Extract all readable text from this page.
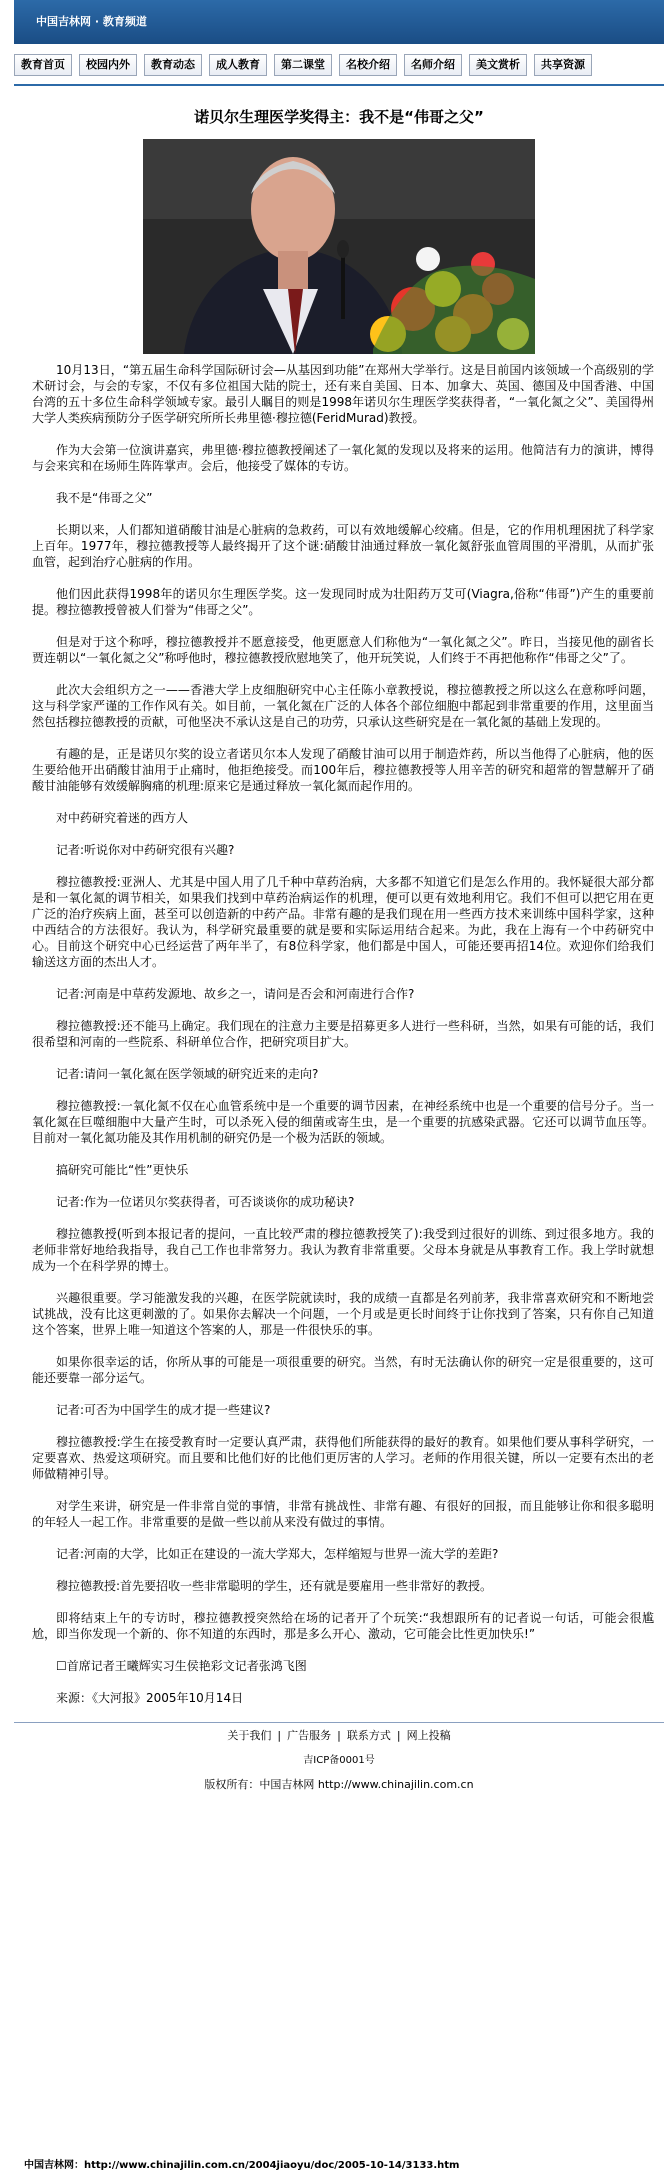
中国吉林网 · 教育频道
教育首页	校园内外	教育动态	成人教育	第二课堂	名校介绍	名师介绍	美文赏析	共享资源
诺贝尔生理医学奖得主：我不是“伟哥之父”

10月13日，“第五届生命科学国际研讨会—从基因到功能”在郑州大学举行。这是目前国内该领域一个高级别的学术研讨会，与会的专家，不仅有多位祖国大陆的院士，还有来自美国、日本、加拿大、英国、德国及中国香港、中国台湾的五十多位生命科学领域专家。最引人瞩目的则是1998年诺贝尔生理医学奖获得者，“一氧化氮之父”、美国得州大学人类疾病预防分子医学研究所所长弗里德·穆拉德(FeridMurad)教授。

作为大会第一位演讲嘉宾，弗里德·穆拉德教授阐述了一氧化氮的发现以及将来的运用。他简洁有力的演讲，博得与会来宾和在场师生阵阵掌声。会后，他接受了媒体的专访。

我不是“伟哥之父”

长期以来，人们都知道硝酸甘油是心脏病的急救药，可以有效地缓解心绞痛。但是，它的作用机理困扰了科学家上百年。1977年，穆拉德教授等人最终揭开了这个谜:硝酸甘油通过释放一氧化氮舒张血管周围的平滑肌，从而扩张血管，起到治疗心脏病的作用。

他们因此获得1998年的诺贝尔生理医学奖。这一发现同时成为壮阳药万艾可(Viagra,俗称“伟哥”)产生的重要前提。穆拉德教授曾被人们誉为“伟哥之父”。

但是对于这个称呼，穆拉德教授并不愿意接受，他更愿意人们称他为“一氧化氮之父”。昨日，当接见他的副省长贾连朝以“一氧化氮之父”称呼他时，穆拉德教授欣慰地笑了，他开玩笑说，人们终于不再把他称作“伟哥之父”了。

此次大会组织方之一——香港大学上皮细胞研究中心主任陈小章教授说，穆拉德教授之所以这么在意称呼问题，这与科学家严谨的工作作风有关。如目前，一氧化氮在广泛的人体各个部位细胞中都起到非常重要的作用，这里面当然包括穆拉德教授的贡献，可他坚决不承认这是自己的功劳，只承认这些研究是在一氧化氮的基础上发现的。

有趣的是，正是诺贝尔奖的设立者诺贝尔本人发现了硝酸甘油可以用于制造炸药，所以当他得了心脏病，他的医生要给他开出硝酸甘油用于止痛时，他拒绝接受。而100年后，穆拉德教授等人用辛苦的研究和超常的智慧解开了硝酸甘油能够有效缓解胸痛的机理:原来它是通过释放一氧化氮而起作用的。

对中药研究着迷的西方人

记者:听说你对中药研究很有兴趣?

穆拉德教授:亚洲人、尤其是中国人用了几千种中草药治病，大多都不知道它们是怎么作用的。我怀疑很大部分都是和一氧化氮的调节相关，如果我们找到中草药治病运作的机理，便可以更有效地利用它。我们不但可以把它用在更广泛的治疗疾病上面，甚至可以创造新的中药产品。非常有趣的是我们现在用一些西方技术来训练中国科学家，这种中西结合的方法很好。我认为，科学研究最重要的就是要和实际运用结合起来。为此，我在上海有一个中药研究中心。目前这个研究中心已经运营了两年半了，有8位科学家，他们都是中国人，可能还要再招14位。欢迎你们给我们输送这方面的杰出人才。

记者:河南是中草药发源地、故乡之一，请问是否会和河南进行合作?

穆拉德教授:还不能马上确定。我们现在的注意力主要是招募更多人进行一些科研，当然，如果有可能的话，我们很希望和河南的一些院系、科研单位合作，把研究项目扩大。

记者:请问一氧化氮在医学领域的研究近来的走向?

穆拉德教授:一氧化氮不仅在心血管系统中是一个重要的调节因素，在神经系统中也是一个重要的信号分子。当一氧化氮在巨噬细胞中大量产生时，可以杀死入侵的细菌或寄生虫，是一个重要的抗感染武器。它还可以调节血压等。目前对一氧化氮功能及其作用机制的研究仍是一个极为活跃的领域。

搞研究可能比“性”更快乐

记者:作为一位诺贝尔奖获得者，可否谈谈你的成功秘诀?

穆拉德教授(听到本报记者的提问，一直比较严肃的穆拉德教授笑了):我受到过很好的训练、到过很多地方。我的老师非常好地给我指导，我自己工作也非常努力。我认为教育非常重要。父母本身就是从事教育工作。我上学时就想成为一个在科学界的博士。

兴趣很重要。学习能激发我的兴趣，在医学院就读时，我的成绩一直都是名列前茅，我非常喜欢研究和不断地尝试挑战，没有比这更刺激的了。如果你去解决一个问题，一个月或是更长时间终于让你找到了答案，只有你自己知道这个答案，世界上唯一知道这个答案的人，那是一件很快乐的事。

如果你很幸运的话，你所从事的可能是一项很重要的研究。当然，有时无法确认你的研究一定是很重要的，这可能还要靠一部分运气。

记者:可否为中国学生的成才提一些建议?

穆拉德教授:学生在接受教育时一定要认真严肃，获得他们所能获得的最好的教育。如果他们要从事科学研究，一定要喜欢、热爱这项研究。而且要和比他们好的比他们更厉害的人学习。老师的作用很关键，所以一定要有杰出的老师做精神引导。

对学生来讲，研究是一件非常自觉的事情，非常有挑战性、非常有趣、有很好的回报，而且能够让你和很多聪明的年轻人一起工作。非常重要的是做一些以前从来没有做过的事情。

记者:河南的大学，比如正在建设的一流大学郑大，怎样缩短与世界一流大学的差距?

穆拉德教授:首先要招收一些非常聪明的学生，还有就是要雇用一些非常好的教授。

即将结束上午的专访时，穆拉德教授突然给在场的记者开了个玩笑:“我想跟所有的记者说一句话，可能会很尴尬，即当你发现一个新的、你不知道的东西时，那是多么开心、激动，它可能会比性更加快乐!”

☐首席记者王曦辉实习生侯艳彩文记者张鸿飞图

来源：《大河报》2005年10月14日

关于我们 | 广告服务 | 联系方式 | 网上投稿
吉ICP备0001号
版权所有：中国吉林网 http://www.chinajilin.com.cn
中国吉林网：http://www.chinajilin.com.cn/2004jiaoyu/doc/2005-10-14/3133.htm
